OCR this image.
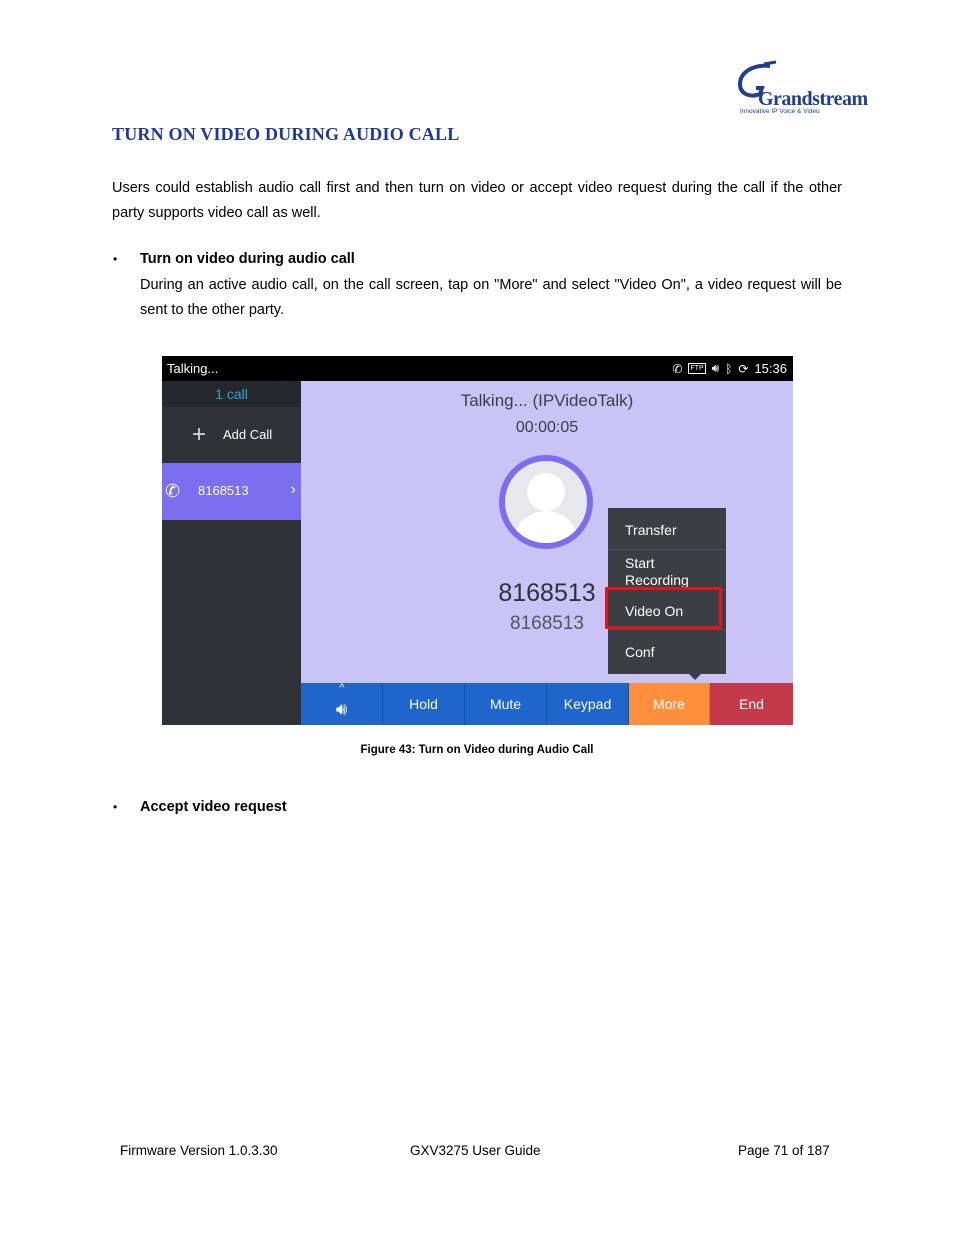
Grandstream
Innovative IP Voice & Video
TURN ON VIDEO DURING AUDIO CALL
Users could establish audio call first and then turn on video or accept video request during the call if the other party supports video call as well.
• Turn on video during audio call
During an active audio call, on the call screen, tap on "More" and select "Video On", a video request will be sent to the other party.
Talking...	✆ FTP 🔊︎ ᛒ ⟳ 15:36
1 call
+ Add Call
✆ 8168513	›
Talking... (IPVideoTalk)
00:00:05
8168513
8168513
Transfer
Start Recording
Video On
Conf
^
🔊︎	Hold	Mute	Keypad	More	End
Figure 43: Turn on Video during Audio Call
• Accept video request
Firmware Version 1.0.3.30	GXV3275 User Guide	Page 71 of 187
